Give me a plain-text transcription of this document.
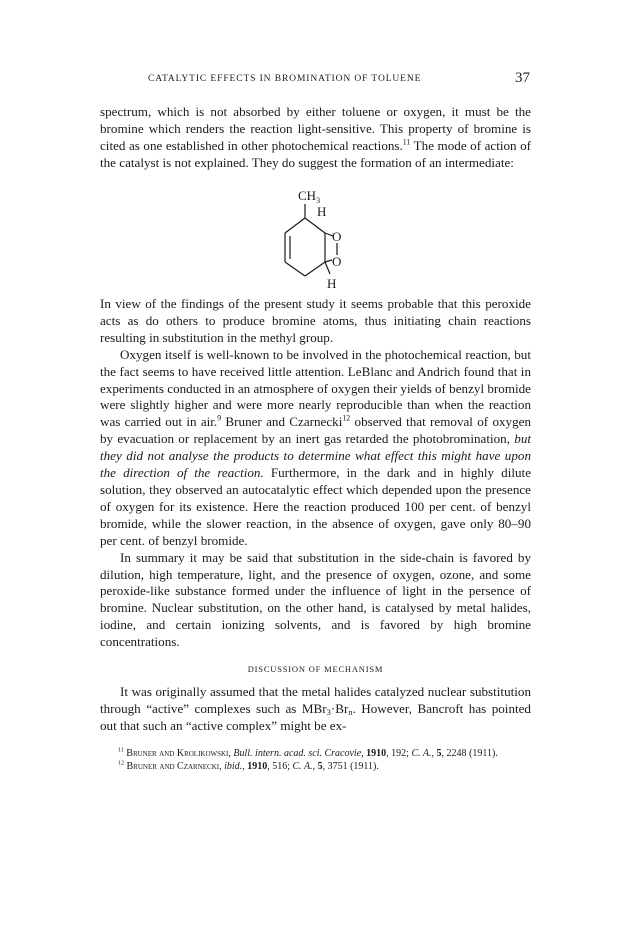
CATALYTIC EFFECTS IN BROMINATION OF TOLUENE	37

spectrum, which is not absorbed by either toluene or oxygen, it must be the bromine which renders the reaction light-sensitive. This property of bromine is cited as one established in other photochemical reactions.$^{11}$ The mode of action of the catalyst is not explained. They do suggest the formation of an intermediate:

$CH_3$
H
O
O
H

In view of the findings of the present study it seems probable that this peroxide acts as do others to produce bromine atoms, thus initiating chain reactions resulting in substitution in the methyl group.

Oxygen itself is well-known to be involved in the photochemical reaction, but the fact seems to have received little attention. LeBlanc and Andrich found that in experiments conducted in an atmosphere of oxygen their yields of benzyl bromide were slightly higher and were more nearly reproducible than when the reaction was carried out in air.$^9$ Bruner and Czarnecki$^{12}$ observed that removal of oxygen by evacuation or replacement by an inert gas retarded the photobromination, but they did not analyse the products to determine what effect this might have upon the direction of the reaction. Furthermore, in the dark and in highly dilute solution, they observed an autocatalytic effect which depended upon the presence of oxygen for its existence. Here the reaction produced 100 per cent. of benzyl bromide, while the slower reaction, in the absence of oxygen, gave only 80–90 per cent. of benzyl bromide.

In summary it may be said that substitution in the side-chain is favored by dilution, high temperature, light, and the presence of oxygen, ozone, and some peroxide-like substance formed under the influence of light in the persence of bromine. Nuclear substitution, on the other hand, is catalysed by metal halides, iodine, and certain ionizing solvents, and is favored by high bromine concentrations.

DISCUSSION OF MECHANISM

It was originally assumed that the metal halides catalyzed nuclear substitution through “active” complexes such as $MBr_3\cdot Br_n$. However, Bancroft has pointed out that such an “active complex” might be ex-

$^{11}$ Bruner and Krolikowski, Bull. intern. acad. sci. Cracovie, 1910, 192; C. A., 5, 2248 (1911).

$^{12}$ Bruner and Czarnecki, ibid., 1910, 516; C. A., 5, 3751 (1911).
